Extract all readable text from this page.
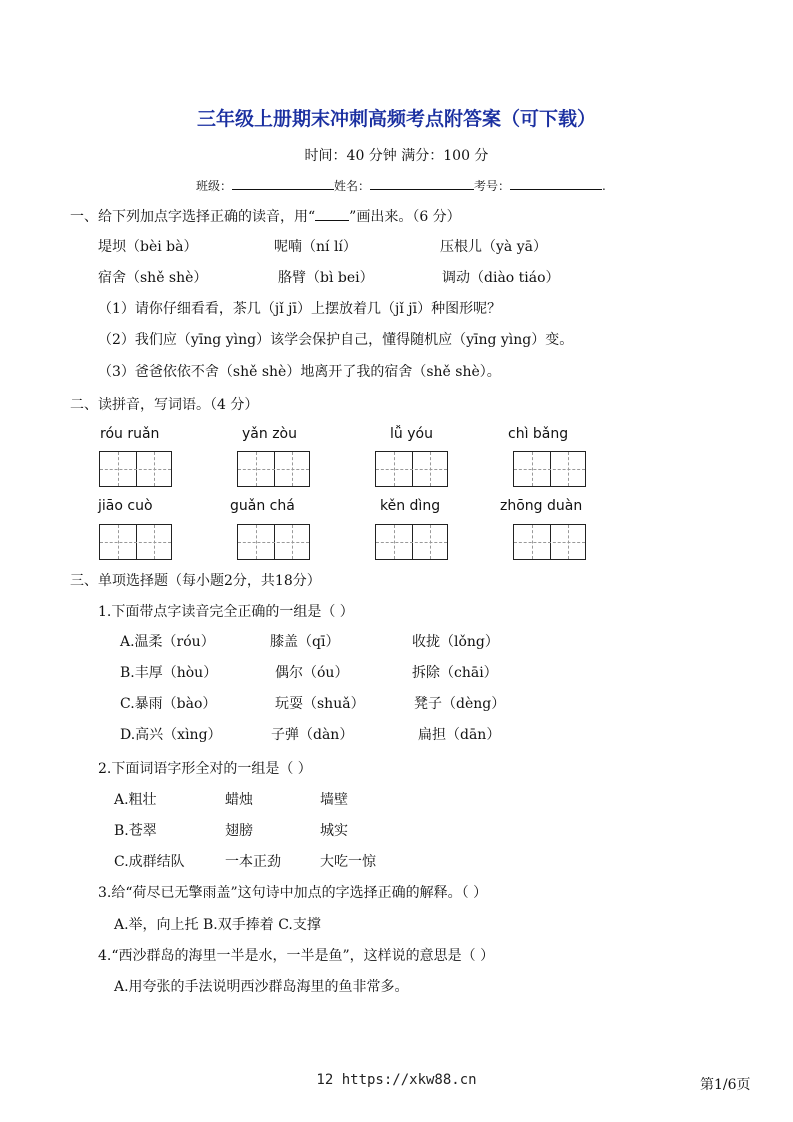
三年级上册期末冲刺高频考点附答案（可下载）
时间：40 分钟 满分：100 分
班级：	姓名：	考号：	.
一、给下列加点字选择正确的读音，用“ ”画出来。（6 分）
堤坝（bèi bà）	呢喃（ní lí）	压根儿（yà yā）
宿舍（shě shè）	胳臂（bì bei）	调动（diào tiáo）
（1）请你仔细看看，茶几（jǐ jī）上摆放着几（jǐ jī）种图形呢？
（2）我们应（yīng yìng）该学会保护自己，懂得随机应（yīng yìng）变。
（3）爸爸依依不舍（shě shè）地离开了我的宿舍（shě shè）。
二、读拼音，写词语。（4 分）
róu ruǎn	yǎn zòu	lǚ yóu	chì bǎng
jiāo cuò	guǎn chá	kěn dìng	zhōng duàn
三、单项选择题（每小题2分，共18分）
1.下面带点字读音完全正确的一组是（ ）
A.温柔（róu）	膝盖（qī）	收拢（lǒng）
B.丰厚（hòu）	偶尔（óu）	拆除（chāi）
C.暴雨（bào）	玩耍（shuǎ）	凳子（dèng）
D.高兴（xìng）	子弹（dàn）	扁担（dān）
2.下面词语字形全对的一组是（ ）
A.粗壮	蜡烛	墙壁
B.苍翠	翅膀	城实
C.成群结队	一本正劲	大吃一惊
3.给“荷尽已无擎雨盖”这句诗中加点的字选择正确的解释。（ ）
A.举，向上托 B.双手捧着 C.支撑
4.“西沙群岛的海里一半是水，一半是鱼”，这样说的意思是（ ）
A.用夸张的手法说明西沙群岛海里的鱼非常多。
12 https://xkw88.cn	第1/6页
